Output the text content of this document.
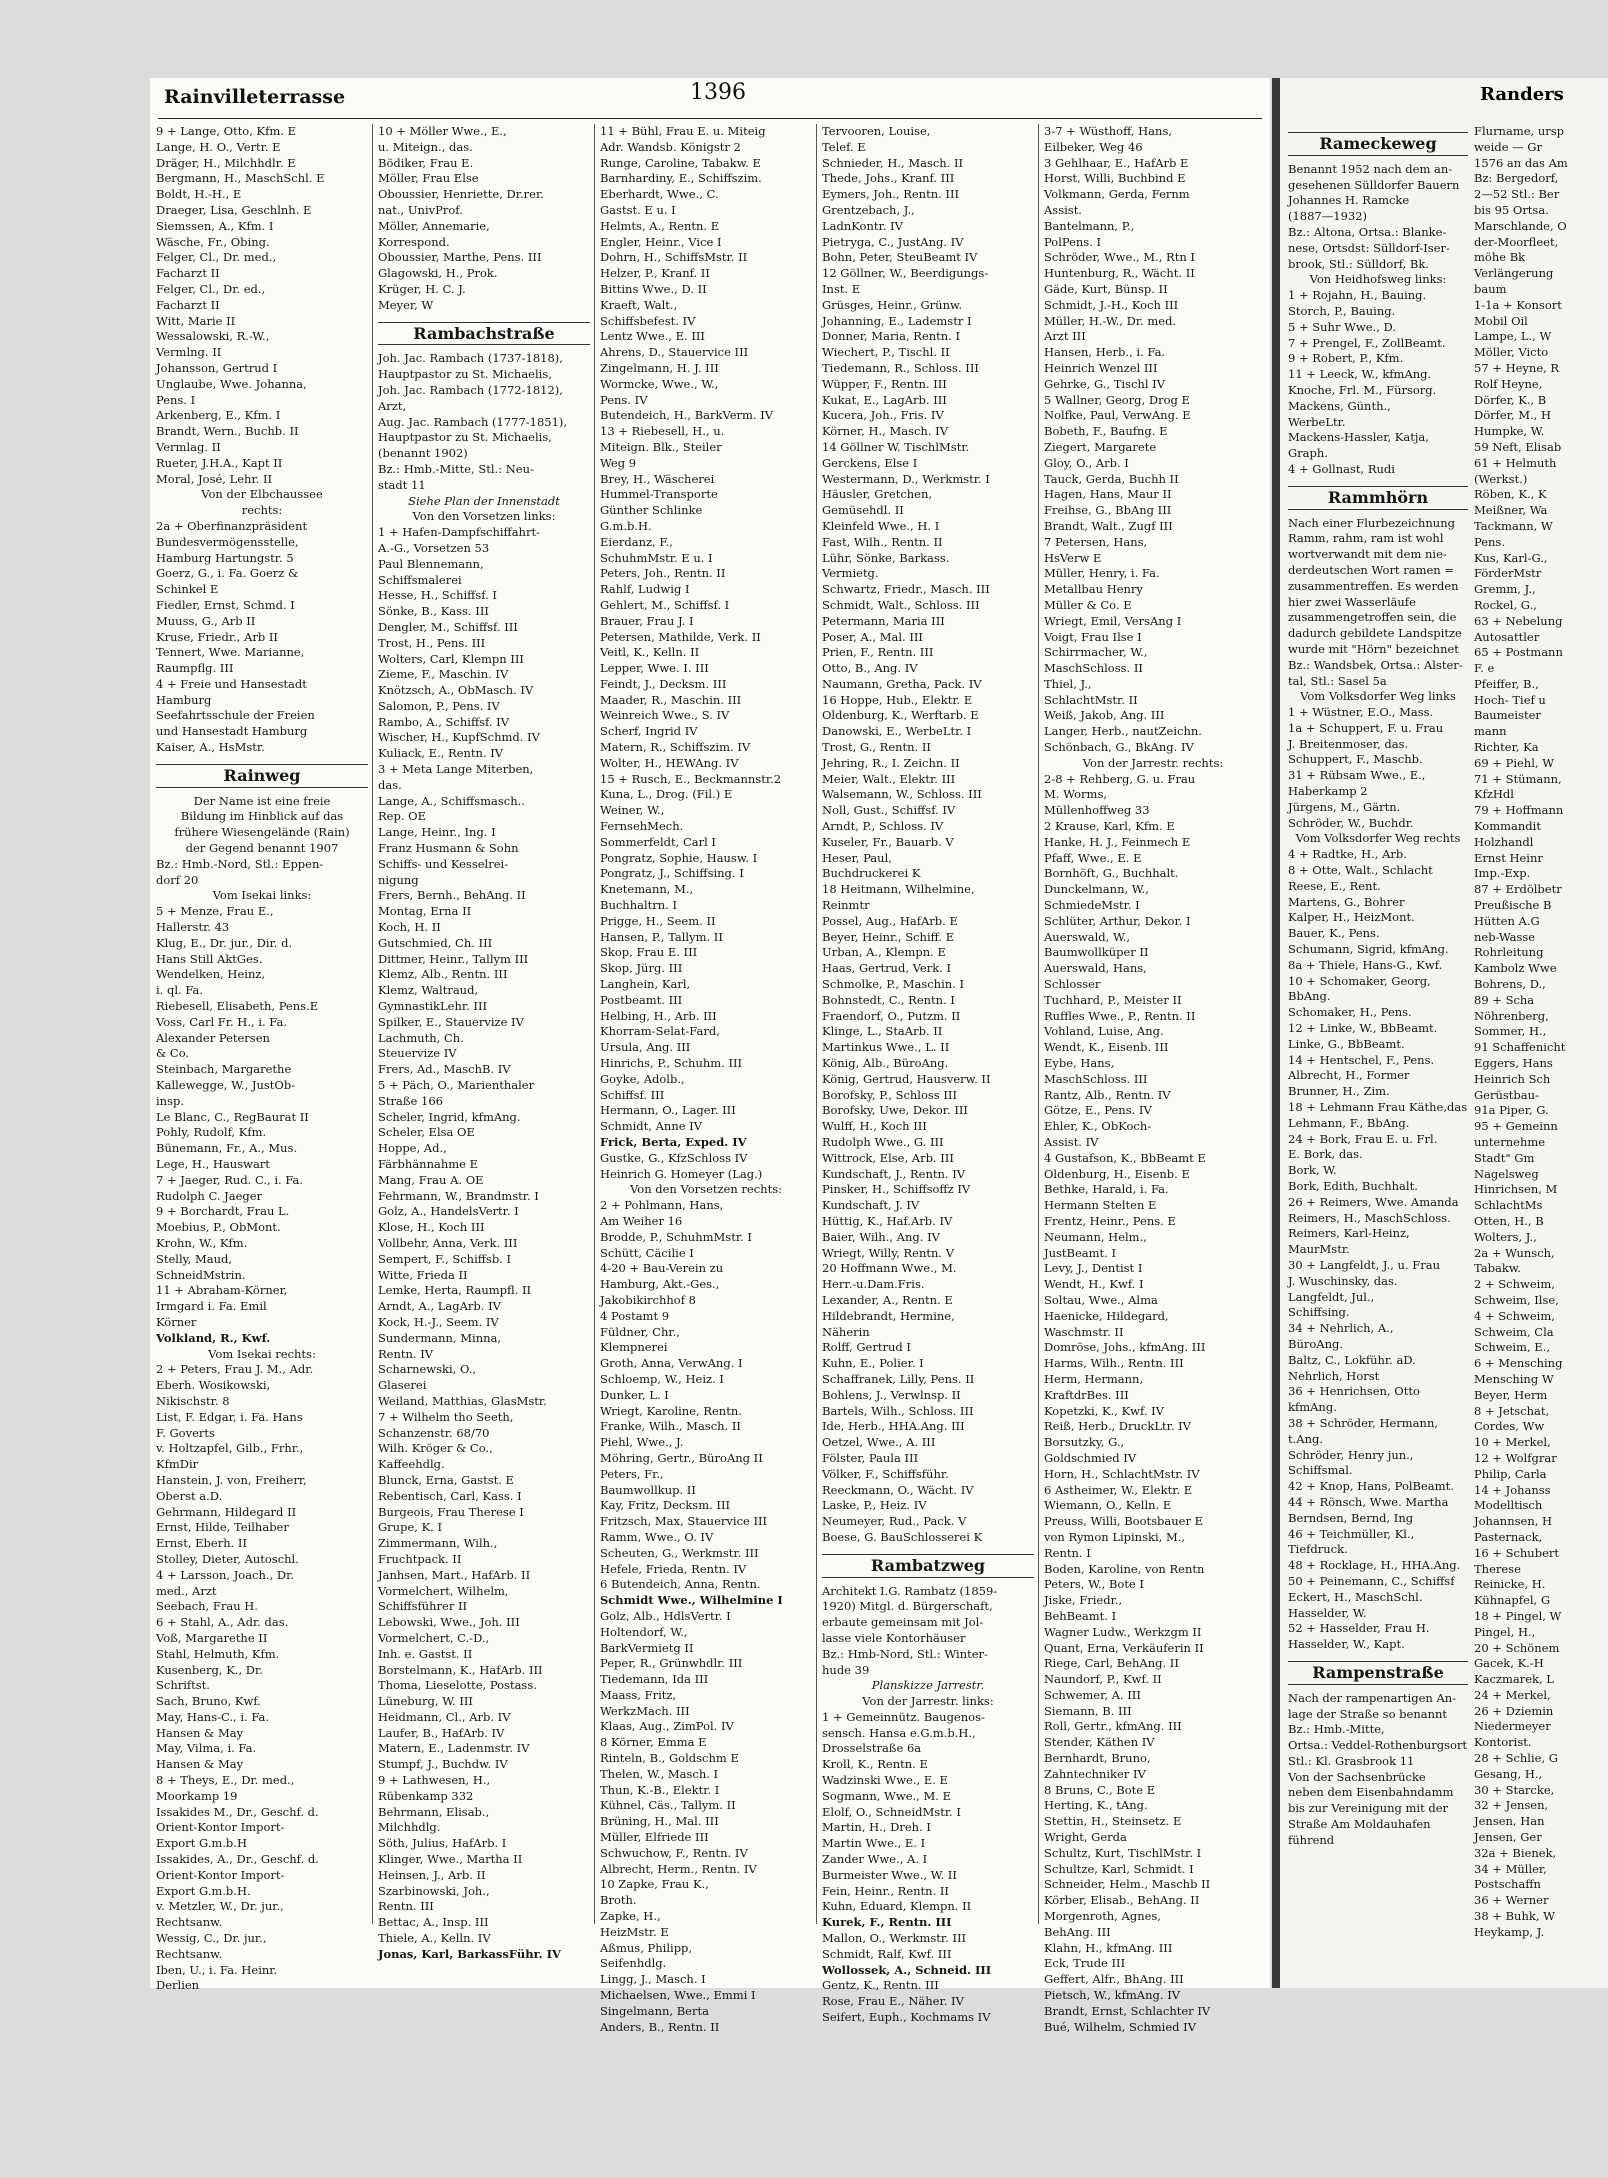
Rainvilleterrasse	1396
9 + Lange, Otto, Kfm. E
Lange, H. O., Vertr. E
Dräger, H., Milchhdlr. E
Bergmann, H., MaschSchl. E
Boldt, H.-H., E
Draeger, Lisa, Geschlnh. E
Siemssen, A., Kfm. I
Wäsche, Fr., Obing.
Felger, Cl., Dr. med.,
Facharzt II
Felger, Cl., Dr. ed.,
Facharzt II
Witt, Marie II
Wessalowski, R.-W.,
Vermlng. II
Johansson, Gertrud I
Unglaube, Wwe. Johanna,
Pens. I
Arkenberg, E., Kfm. I
Brandt, Wern., Buchb. II
Vermlag. II
Rueter, J.H.A., Kapt II
Moral, José, Lehr. II
Von der Elbchaussee
rechts:
2a + Oberfinanzpräsident
Bundesvermögensstelle,
Hamburg Hartungstr. 5
Goerz, G., i. Fa. Goerz &
Schinkel E
Fiedler, Ernst, Schmd. I
Muuss, G., Arb II
Kruse, Friedr., Arb II
Tennert, Wwe. Marianne,
Raumpflg. III
4 + Freie und Hansestadt
Hamburg
Seefahrtsschule der Freien
und Hansestadt Hamburg
Kaiser, A., HsMstr.
Rainweg
Der Name ist eine freie
Bildung im Hinblick auf das
frühere Wiesengelände (Rain)
der Gegend benannt 1907
Bz.: Hmb.-Nord, Stl.: Eppen-
dorf 20
Vom Isekai links:
5 + Menze, Frau E.,
Hallerstr. 43
Klug, E., Dr. jur., Dir. d.
Hans Still AktGes.
Wendelken, Heinz,
i. ql. Fa.
Riebesell, Elisabeth, Pens.E
Voss, Carl Fr. H., i. Fa.
Alexander Petersen
& Co.
Steinbach, Margarethe
Kallewegge, W., JustOb-
insp.
Le Blanc, C., RegBaurat II
Pohly, Rudolf, Kfm.
Bünemann, Fr., A., Mus.
Lege, H., Hauswart
7 + Jaeger, Rud. C., i. Fa.
Rudolph C. Jaeger
9 + Borchardt, Frau L.
Moebius, P., ObMont.
Krohn, W., Kfm.
Stelly, Maud,
SchneidMstrin.
11 + Abraham-Körner,
Irmgard i. Fa. Emil
Körner
Volkland, R., Kwf.
Vom Isekai rechts:
2 + Peters, Frau J. M., Adr.
Eberh. Wosikowski,
Nikischstr. 8
List, F. Edgar, i. Fa. Hans
F. Goverts
v. Holtzapfel, Gilb., Frhr.,
KfmDir
Hanstein, J. von, Freiherr,
Oberst a.D.
Gehrmann, Hildegard II
Ernst, Hilde, Teilhaber
Ernst, Eberh. II
Stolley, Dieter, Autoschl.
4 + Larsson, Joach., Dr.
med., Arzt
Seebach, Frau H.
6 + Stahl, A., Adr. das.
Voß, Margarethe II
Stahl, Helmuth, Kfm.
Kusenberg, K., Dr.
Schriftst.
Sach, Bruno, Kwf.
May, Hans-C., i. Fa.
Hansen & May
May, Vilma, i. Fa.
Hansen & May
8 + Theys, E., Dr. med.,
Moorkamp 19
Issakides M., Dr., Geschf. d.
Orient-Kontor Import-
Export G.m.b.H
Issakides, A., Dr., Geschf. d.
Orient-Kontor Import-
Export G.m.b.H.
v. Metzler, W., Dr. jur.,
Rechtsanw.
Wessig, C., Dr. jur.,
Rechtsanw.
Iben, U., i. Fa. Heinr.
Derlien
10 + Möller Wwe., E.,
u. Miteign., das.
Bödiker, Frau E.
Möller, Frau Else
Oboussier, Henriette, Dr.rer.
nat., UnivProf.
Möller, Annemarie,
Korrespond.
Oboussier, Marthe, Pens. III
Glagowski, H., Prok.
Krüger, H. C. J.
Meyer, W
Rambachstraße
Joh. Jac. Rambach (1737-1818),
Hauptpastor zu St. Michaelis,
Joh. Jac. Rambach (1772-1812),
Arzt,
Aug. Jac. Rambach (1777-1851),
Hauptpastor zu St. Michaelis,
(benannt 1902)
Bz.: Hmb.-Mitte, Stl.: Neu-
stadt 11
Siehe Plan der Innenstadt
Von den Vorsetzen links:
1 + Hafen-Dampfschiffahrt-
A.-G., Vorsetzen 53
Paul Blennemann,
Schiffsmalerei
Hesse, H., Schiffsf. I
Sönke, B., Kass. III
Dengler, M., Schiffsf. III
Trost, H., Pens. III
Wolters, Carl, Klempn III
Zieme, F., Maschin. IV
Knötzsch, A., ObMasch. IV
Salomon, P., Pens. IV
Rambo, A., Schiffsf. IV
Wischer, H., KupfSchmd. IV
Kuliack, E., Rentn. IV
3 + Meta Lange Miterben,
das.
Lange, A., Schiffsmasch..
Rep. OE
Lange, Heinr., Ing. I
Franz Husmann & Sohn
Schiffs- und Kesselrei-
nigung
Frers, Bernh., BehAng. II
Montag, Erna II
Koch, H. II
Gutschmied, Ch. III
Dittmer, Heinr., Tallym III
Klemz, Alb., Rentn. III
Klemz, Waltraud,
GymnastikLehr. III
Spilker, E., Stauervize IV
Lachmuth, Ch.
Steuervize IV
Frers, Ad., MaschB. IV
5 + Päch, O., Marienthaler
Straße 166
Scheler, Ingrid, kfmAng.
Scheler, Elsa OE
Hoppe, Ad.,
Färbhännahme E
Mang, Frau A. OE
Fehrmann, W., Brandmstr. I
Golz, A., HandelsVertr. I
Klose, H., Koch III
Vollbehr, Anna, Verk. III
Sempert, F., Schiffsb. I
Witte, Frieda II
Lemke, Herta, Raumpfl. II
Arndt, A., LagArb. IV
Kock, H.-J., Seem. IV
Sundermann, Minna,
Rentn. IV
Scharnewski, O.,
Glaserei
Weiland, Matthias, GlasMstr.
7 + Wilhelm tho Seeth,
Schanzenstr. 68/70
Wilh. Kröger & Co.,
Kaffeehdlg.
Blunck, Erna, Gastst. E
Rebentisch, Carl, Kass. I
Burgeois, Frau Therese I
Grupe, K. I
Zimmermann, Wilh.,
Fruchtpack. II
Janhsen, Mart., HafArb. II
Vormelchert, Wilhelm,
Schiffsführer II
Lebowski, Wwe., Joh. III
Vormelchert, C.-D.,
Inh. e. Gastst. II
Borstelmann, K., HafArb. III
Thoma, Lieselotte, Postass.
Lüneburg, W. III
Heidmann, Cl., Arb. IV
Laufer, B., HafArb. IV
Matern, E., Ladenmstr. IV
Stumpf, J., Buchdw. IV
9 + Lathwesen, H.,
Rübenkamp 332
Behrmann, Elisab.,
Milchhdlg.
Söth, Julius, HafArb. I
Klinger, Wwe., Martha II
Heinsen, J., Arb. II
Szarbinowski, Joh.,
Rentn. III
Bettac, A., Insp. III
Thiele, A., Kelln. IV
Jonas, Karl, BarkassFühr. IV
11 + Bühl, Frau E. u. Miteig
Adr. Wandsb. Königstr 2
Runge, Caroline, Tabakw. E
Barnhardiny, E., Schiffszim.
Eberhardt, Wwe., C.
Gastst. E u. I
Helmts, A., Rentn. E
Engler, Heinr., Vice I
Dohrn, H., SchiffsMstr. II
Helzer, P., Kranf. II
Bittins Wwe., D. II
Kraeft, Walt.,
Schiffsbefest. IV
Lentz Wwe., E. III
Ahrens, D., Stauervice III
Zingelmann, H. J. III
Wormcke, Wwe., W.,
Pens. IV
Butendeich, H., BarkVerm. IV
13 + Riebesell, H., u.
Miteign. Blk., Steiler
Weg 9
Brey, H., Wäscherei
Hummel-Transporte
Günther Schlinke
G.m.b.H.
Eierdanz, F.,
SchuhmMstr. E u. I
Peters, Joh., Rentn. II
Rahlf, Ludwig I
Gehlert, M., Schiffsf. I
Brauer, Frau J. I
Petersen, Mathilde, Verk. II
Veitl, K., Kelln. II
Lepper, Wwe. I. III
Feindt, J., Decksm. III
Maader, R., Maschin. III
Weinreich Wwe., S. IV
Scherf, Ingrid IV
Matern, R., Schiffszim. IV
Wolter, H., HEWAng. IV
15 + Rusch, E., Beckmannstr.2
Kuna, L., Drog. (Fil.) E
Weiner, W.,
FernsehMech.
Sommerfeldt, Carl I
Pongratz, Sophie, Hausw. I
Pongratz, J., Schiffsing. I
Knetemann, M.,
Buchhaltrn. I
Prigge, H., Seem. II
Hansen, P., Tallym. II
Skop, Frau E. III
Skop, Jürg. III
Langhein, Karl,
Postbeamt. III
Helbing, H., Arb. III
Khorram-Selat-Fard,
Ursula, Ang. III
Hinrichs, P., Schuhm. III
Goyke, Adolb.,
Schiffsf. III
Hermann, O., Lager. III
Schmidt, Anne IV
Frick, Berta, Exped. IV
Gustke, G., KfzSchloss IV
Heinrich G. Homeyer (Lag.)
Von den Vorsetzen rechts:
2 + Pohlmann, Hans,
Am Weiher 16
Brodde, P., SchuhmMstr. I
Schütt, Cäcilie I
4-20 + Bau-Verein zu
Hamburg, Akt.-Ges.,
Jakobikirchhof 8
4 Postamt 9
Füldner, Chr.,
Klempnerei
Groth, Anna, VerwAng. I
Schloemp, W., Heiz. I
Dunker, L. I
Wriegt, Karoline, Rentn.
Franke, Wilh., Masch. II
Piehl, Wwe., J.
Möhring, Gertr., BüroAng II
Peters, Fr.,
Baumwollkup. II
Kay, Fritz, Decksm. III
Fritzsch, Max, Stauervice III
Ramm, Wwe., O. IV
Scheuten, G., Werkmstr. III
Hefele, Frieda, Rentn. IV
6 Butendeich, Anna, Rentn.
Schmidt Wwe., Wilhelmine I
Golz, Alb., HdlsVertr. I
Holtendorf, W.,
BarkVermietg II
Peper, R., Grünwhdlr. III
Tiedemann, Ida III
Maass, Fritz,
WerkzMach. III
Klaas, Aug., ZimPol. IV
8 Körner, Emma E
Rinteln, B., Goldschm E
Thelen, W., Masch. I
Thun, K.-B., Elektr. I
Kühnel, Cäs., Tallym. II
Brüning, H., Mal. III
Müller, Elfriede III
Schwuchow, F., Rentn. IV
Albrecht, Herm., Rentn. IV
10 Zapke, Frau K.,
Broth.
Zapke, H.,
HeizMstr. E
Aßmus, Philipp,
Seifenhdlg.
Lingg, J., Masch. I
Michaelsen, Wwe., Emmi I
Singelmann, Berta
Anders, B., Rentn. II
Tervooren, Louise,
Telef. E
Schnieder, H., Masch. II
Thede, Johs., Kranf. III
Eymers, Joh., Rentn. III
Grentzebach, J.,
LadnKontr. IV
Pietryga, C., JustAng. IV
Bohn, Peter, SteuBeamt IV
12 Göllner, W., Beerdigungs-
Inst. E
Grüsges, Heinr., Grünw.
Johanning, E., Lademstr I
Donner, Maria, Rentn. I
Wiechert, P., Tischl. II
Tiedemann, R., Schloss. III
Wüpper, F., Rentn. III
Kukat, E., LagArb. III
Kucera, Joh., Fris. IV
Körner, H., Masch. IV
14 Göllner W. TischlMstr.
Gerckens, Else I
Westermann, D., Werkmstr. I
Häusler, Gretchen,
Gemüsehdl. II
Kleinfeld Wwe., H. I
Fast, Wilh., Rentn. II
Lühr, Sönke, Barkass.
Vermietg.
Schwartz, Friedr., Masch. III
Schmidt, Walt., Schloss. III
Petermann, Maria III
Poser, A., Mal. III
Prien, F., Rentn. III
Otto, B., Ang. IV
Naumann, Gretha, Pack. IV
16 Hoppe, Hub., Elektr. E
Oldenburg, K., Werftarb. E
Danowski, E., WerbeLtr. I
Trost, G., Rentn. II
Jehring, R., I. Zeichn. II
Meier, Walt., Elektr. III
Walsemann, W., Schloss. III
Noll, Gust., Schiffsf. IV
Arndt, P., Schloss. IV
Kuseler, Fr., Bauarb. V
Heser, Paul,
Buchdruckerei K
18 Heitmann, Wilhelmine,
Reinmtr
Possel, Aug., HafArb. E
Beyer, Heinr., Schiff. E
Urban, A., Klempn. E
Haas, Gertrud, Verk. I
Schmolke, P., Maschin. I
Bohnstedt, C., Rentn. I
Fraendorf, O., Putzm. II
Klinge, L., StaArb. II
Martinkus Wwe., L. II
König, Alb., BüroAng.
König, Gertrud, Hausverw. II
Borofsky, P., Schloss III
Borofsky, Uwe, Dekor. III
Wulff, H., Koch III
Rudolph Wwe., G. III
Wittrock, Else, Arb. III
Kundschaft, J., Rentn. IV
Pinsker, H., Schiffsoffz IV
Kundschaft, J. IV
Hüttig, K., Haf.Arb. IV
Baier, Wilh., Ang. IV
Wriegt, Willy, Rentn. V
20 Hoffmann Wwe., M.
Herr.-u.Dam.Fris.
Lexander, A., Rentn. E
Hildebrandt, Hermine,
Näherin
Rolff, Gertrud I
Kuhn, E., Polier. I
Schaffranek, Lilly, Pens. II
Bohlens, J., Verwlnsp. II
Bartels, Wilh., Schloss. III
Ide, Herb., HHA.Ang. III
Oetzel, Wwe., A. III
Fölster, Paula III
Völker, F., Schiffsführ.
Reeckmann, O., Wächt. IV
Laske, P., Heiz. IV
Neumeyer, Rud., Pack. V
Boese, G. BauSchlosserei K
Rambatzweg
Architekt I.G. Rambatz (1859-
1920) Mitgl. d. Bürgerschaft,
erbaute gemeinsam mit Jol-
lasse viele Kontorhäuser
Bz.: Hmb-Nord, Stl.: Winter-
hude 39
Planskizze Jarrestr.
Von der Jarrestr. links:
1 + Gemeinnütz. Baugenos-
sensch. Hansa e.G.m.b.H.,
Drosselstraße 6a
Kroll, K., Rentn. E
Wadzinski Wwe., E. E
Sogmann, Wwe., M. E
Elolf, O., SchneidMstr. I
Martin, H., Dreh. I
Martin Wwe., E. I
Zander Wwe., A. I
Burmeister Wwe., W. II
Fein, Heinr., Rentn. II
Kuhn, Eduard, Klempn. II
Kurek, F., Rentn. III
Mallon, O., Werkmstr. III
Schmidt, Ralf, Kwf. III
Wollossek, A., Schneid. III
Gentz, K., Rentn. III
Rose, Frau E., Näher. IV
Seifert, Euph., Kochmams IV
3-7 + Wüsthoff, Hans,
Eilbeker, Weg 46
3 Gehlhaar, E., HafArb E
Horst, Willi, Buchbind E
Volkmann, Gerda, Fernm
Assist.
Bantelmann, P.,
PolPens. I
Schröder, Wwe., M., Rtn I
Huntenburg, R., Wächt. II
Gäde, Kurt, Bünsp. II
Schmidt, J.-H., Koch III
Müller, H.-W., Dr. med.
Arzt III
Hansen, Herb., i. Fa.
Heinrich Wenzel III
Gehrke, G., Tischl IV
5 Wallner, Georg, Drog E
Nolfke, Paul, VerwAng. E
Bobeth, F., Baufng. E
Ziegert, Margarete
Gloy, O., Arb. I
Tauck, Gerda, Buchh II
Hagen, Hans, Maur II
Freihse, G., BbAng III
Brandt, Walt., Zugf III
7 Petersen, Hans,
HsVerw E
Müller, Henry, i. Fa.
Metallbau Henry
Müller & Co. E
Wriegt, Emil, VersAng I
Voigt, Frau Ilse I
Schirrmacher, W.,
MaschSchloss. II
Thiel, J.,
SchlachtMstr. II
Weiß, Jakob, Ang. III
Langer, Herb., nautZeichn.
Schönbach, G., BkAng. IV
Von der Jarrestr. rechts:
2-8 + Rehberg, G. u. Frau
M. Worms,
Müllenhoffweg 33
2 Krause, Karl, Kfm. E
Hanke, H. J., Feinmech E
Pfaff, Wwe., E. E
Bornhöft, G., Buchhalt.
Dunckelmann, W.,
SchmiedeMstr. I
Schlüter, Arthur, Dekor. I
Auerswald, W.,
Baumwollküper II
Auerswald, Hans,
Schlosser
Tuchhard, P., Meister II
Ruffles Wwe., P., Rentn. II
Vohland, Luise, Ang.
Wendt, K., Eisenb. III
Eybe, Hans,
MaschSchloss. III
Rantz, Alb., Rentn. IV
Götze, E., Pens. IV
Ehler, K., ObKoch-
Assist. IV
4 Gustafson, K., BbBeamt E
Oldenburg, H., Eisenb. E
Bethke, Harald, i. Fa.
Hermann Stelten E
Frentz, Heinr., Pens. E
Neumann, Helm.,
JustBeamt. I
Levy, J., Dentist I
Wendt, H., Kwf. I
Soltau, Wwe., Alma
Haenicke, Hildegard,
Waschmstr. II
Domröse, Johs., kfmAng. III
Harms, Wilh., Rentn. III
Herm, Hermann,
KraftdrBes. III
Kopetzki, K., Kwf. IV
Reiß, Herb., DruckLtr. IV
Borsutzky, G.,
Goldschmied IV
Horn, H., SchlachtMstr. IV
6 Astheimer, W., Elektr. E
Wiemann, O., Kelln. E
Preuss, Willi, Bootsbauer E
von Rymon Lipinski, M.,
Rentn. I
Boden, Karoline, von Rentn
Peters, W., Bote I
Jiske, Friedr.,
BehBeamt. I
Wagner Ludw., Werkzgm II
Quant, Erna, Verkäuferin II
Riege, Carl, BehAng. II
Naundorf, P., Kwf. II
Schwemer, A. III
Siemann, B. III
Roll, Gertr., kfmAng. III
Stender, Käthen IV
Bernhardt, Bruno,
Zahntechniker IV
8 Bruns, C., Bote E
Herting, K., tAng.
Stettin, H., Steinsetz. E
Wright, Gerda
Schultz, Kurt, TischlMstr. I
Schultze, Karl, Schmidt. I
Schneider, Helm., Maschb II
Körber, Elisab., BehAng. II
Morgenroth, Agnes,
BehAng. III
Klahn, H., kfmAng. III
Eck, Trude III
Geffert, Alfr., BhAng. III
Pietsch, W., kfmAng. IV
Brandt, Ernst, Schlachter IV
Bué, Wilhelm, Schmied IV
Randers
Rameckeweg
Benannt 1952 nach dem an-
gesehenen Sülldorfer Bauern
Johannes H. Ramcke
(1887—1932)
Bz.: Altona, Ortsa.: Blanke-
nese, Ortsdst: Sülldorf-Iser-
brook, Stl.: Sülldorf, Bk.
Von Heidhofsweg links:
1 + Rojahn, H., Bauing.
Storch, P., Bauing.
5 + Suhr Wwe., D.
7 + Prengel, F., ZollBeamt.
9 + Robert, P., Kfm.
11 + Leeck, W., kfmAng.
Knoche, Frl. M., Fürsorg.
Mackens, Günth.,
WerbeLtr.
Mackens-Hassler, Katja,
Graph.
4 + Gollnast, Rudi
Rammhörn
Nach einer Flurbezeichnung
Ramm, rahm, ram ist wohl
wortverwandt mit dem nie-
derdeutschen Wort ramen =
zusammentreffen. Es werden
hier zwei Wasserläufe
zusammengetroffen sein, die
dadurch gebildete Landspitze
wurde mit "Hörn" bezeichnet
Bz.: Wandsbek, Ortsa.: Alster-
tal, Stl.: Sasel 5a
Vom Volksdorfer Weg links
1 + Wüstner, E.O., Mass.
1a + Schuppert, F. u. Frau
J. Breitenmoser, das.
Schuppert, F., Maschb.
31 + Rübsam Wwe., E.,
Haberkamp 2
Jürgens, M., Gärtn.
Schröder, W., Buchdr.
Vom Volksdorfer Weg rechts
4 + Radtke, H., Arb.
8 + Otte, Walt., Schlacht
Reese, E., Rent.
Martens, G., Bohrer
Kalper, H., HeizMont.
Bauer, K., Pens.
Schumann, Sigrid, kfmAng.
8a + Thiele, Hans-G., Kwf.
10 + Schomaker, Georg,
BbAng.
Schomaker, H., Pens.
12 + Linke, W., BbBeamt.
Linke, G., BbBeamt.
14 + Hentschel, F., Pens.
Albrecht, H., Former
Brunner, H., Zim.
18 + Lehmann Frau Käthe,das
Lehmann, F., BbAng.
24 + Bork, Frau E. u. Frl.
E. Bork, das.
Bork, W.
Bork, Edith, Buchhalt.
26 + Reimers, Wwe. Amanda
Reimers, H., MaschSchloss.
Reimers, Karl-Heinz,
MaurMstr.
30 + Langfeldt, J., u. Frau
J. Wuschinsky, das.
Langfeldt, Jul.,
Schiffsing.
34 + Nehrlich, A.,
BüroAng.
Baltz, C., Lokführ. aD.
Nehrlich, Horst
36 + Henrichsen, Otto
kfmAng.
38 + Schröder, Hermann,
t.Ang.
Schröder, Henry jun.,
Schiffsmal.
42 + Knop, Hans, PolBeamt.
44 + Rönsch, Wwe. Martha
Berndsen, Bernd, Ing
46 + Teichmüller, Kl.,
Tiefdruck.
48 + Rocklage, H., HHA.Ang.
50 + Peinemann, C., Schiffsf
Eckert, H., MaschSchl.
Hasselder, W.
52 + Hasselder, Frau H.
Hasselder, W., Kapt.
Rampenstraße
Nach der rampenartigen An-
lage der Straße so benannt
Bz.: Hmb.-Mitte,
Ortsa.: Veddel-Rothenburgsort
Stl.: Kl. Grasbrook 11
Von der Sachsenbrücke
neben dem Eisenbahndamm
bis zur Vereinigung mit der
Straße Am Moldauhafen
führend
Flurname, ursp
weide — Gr
1576 an das Am
Bz: Bergedorf,
2—52 Stl.: Ber
bis 95 Ortsa.
Marschlande, O
der-Moorfleet,
möhe Bk
Verlängerung
baum
1-1a + Konsort
Mobil Oil
Lampe, L., W
Möller, Victo
57 + Heyne, R
Rolf Heyne,
Dörfer, K., B
Dörfer, M., H
Humpke, W.
59 Neft, Elisab
61 + Helmuth
(Werkst.)
Röben, K., K
Meißner, Wa
Tackmann, W
Pens.
Kus, Karl-G.,
FörderMstr
Gremm, J.,
Rockel, G.,
63 + Nebelung
Autosattler
65 + Postmann
F. e
Pfeiffer, B.,
Hoch- Tief u
Baumeister
mann
Richter, Ka
69 + Piehl, W
71 + Stümann,
KfzHdl
79 + Hoffmann
Kommandit
Holzhandl
Ernst Heinr
Imp.-Exp.
87 + Erdölbetr
Preußische B
Hütten A.G
neb-Wasse
Rohrleitung
Kambolz Wwe
Bohrens, D.,
89 + Scha
Nöhrenberg,
Sommer, H.,
91 Schaffenicht
Eggers, Hans
Heinrich Sch
Gerüstbau-
91a Piper, G.
95 + Gemeinn
unternehme
Stadt" Gm
Nagelsweg
Hinrichsen, M
SchlachtMs
Otten, H., B
Wolters, J.,
2a + Wunsch,
Tabakw.
2 + Schweim,
Schweim, Ilse,
4 + Schweim,
Schweim, Cla
Schweim, E.,
6 + Mensching
Mensching W
Beyer, Herm
8 + Jetschat,
Cordes, Ww
10 + Merkel,
12 + Wolfgrar
Philip, Carla
14 + Johanss
Modelltisch
Johannsen, H
Pasternack,
16 + Schubert
Therese
Reinicke, H.
Kühnapfel, G
18 + Pingel, W
Pingel, H.,
20 + Schönem
Gacek, K.-H
Kaczmarek, L
24 + Merkel,
26 + Dziemin
Niedermeyer
Kontorist.
28 + Schlie, G
Gesang, H.,
30 + Starcke,
32 + Jensen,
Jensen, Han
Jensen, Ger
32a + Bienek,
34 + Müller,
Postschaffn
36 + Werner
38 + Buhk, W
Heykamp, J.
